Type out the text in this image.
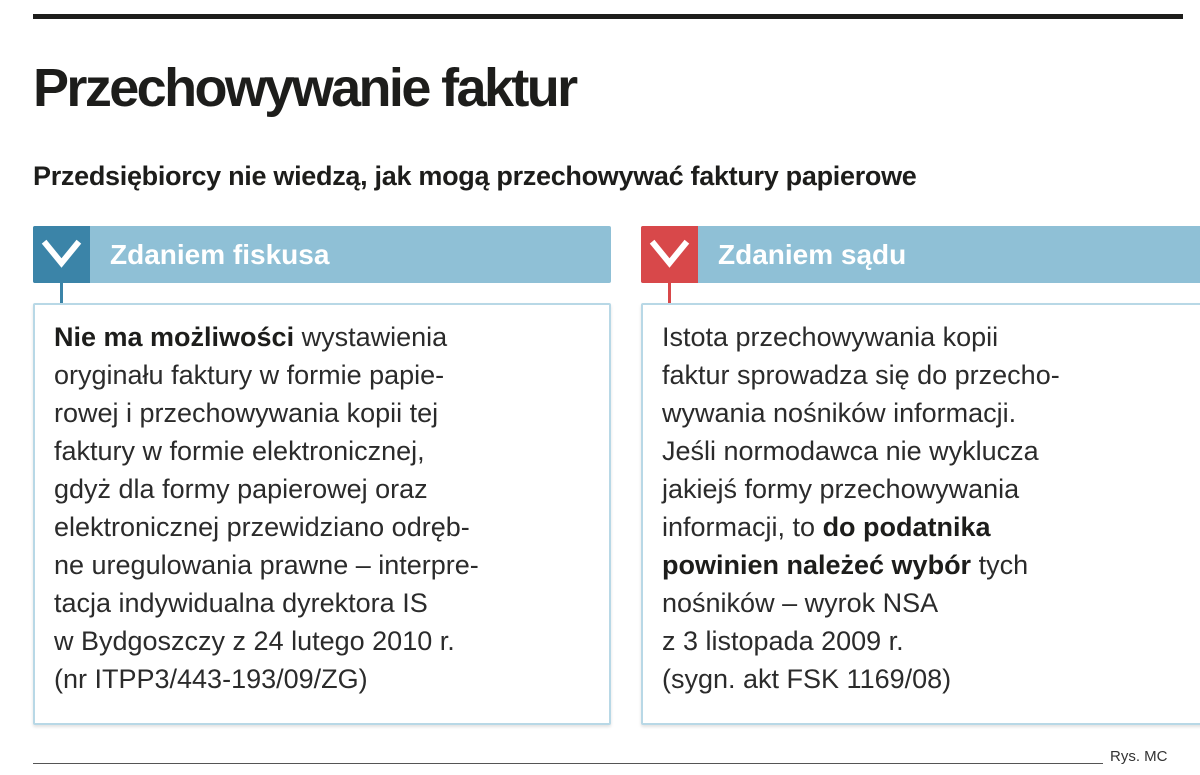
Przechowywanie faktur
Przedsiębiorcy nie wiedzą, jak mogą przechowywać faktury papierowe
Zdaniem fiskusa

Nie ma możliwości wystawienia
oryginału faktury w formie papie-
rowej i przechowywania kopii tej
faktury w formie elektronicznej,
gdyż dla formy papierowej oraz
elektronicznej przewidziano odręb-
ne uregulowania prawne – interpre-
tacja indywidualna dyrektora IS
w Bydgoszczy z 24 lutego 2010 r.
(nr ITPP3/443-193/09/ZG)

Zdaniem sądu

Istota przechowywania kopii
faktur sprowadza się do przecho-
wywania nośników informacji.
Jeśli normodawca nie wyklucza
jakiejś formy przechowywania
informacji, to do podatnika
powinien należeć wybór tych
nośników – wyrok NSA
z 3 listopada 2009 r.
(sygn. akt FSK 1169/08)

Rys. MC
